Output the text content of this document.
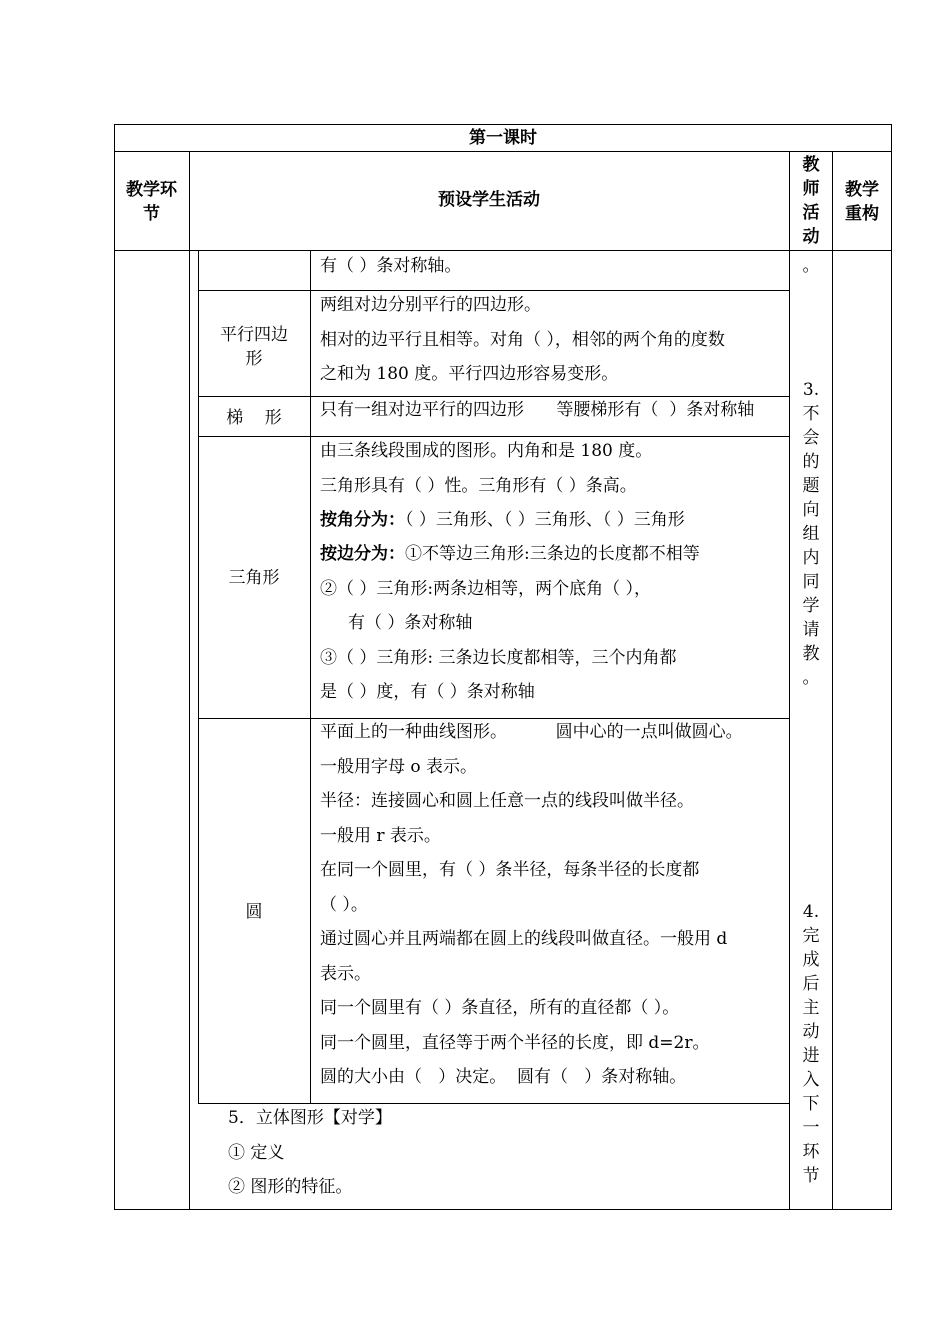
第一课时
教学环
节
预设学生活动
教
师
活
动
教学
重构
有（ ）条对称轴。
平行四边
形
两组对边分别平行的四边形。
相对的边平行且相等。对角（ ），相邻的两个角的度数
之和为 180 度。平行四边形容易变形。
梯    形	只有一组对边平行的四边形      等腰梯形有（  ）条对称轴
三角形
由三条线段围成的图形。内角和是 180 度。
三角形具有（ ）性。三角形有（ ）条高。
按角分为：（ ）三角形、（ ）三角形、（ ）三角形
按边分为：①不等边三角形:三条边的长度都不相等
②（ ）三角形:两条边相等，两个底角（ ），
有（ ）条对称轴
③（ ）三角形: 三条边长度都相等，三个内角都
是（ ）度，有（ ）条对称轴
圆
平面上的一种曲线图形。         圆中心的一点叫做圆心。
一般用字母 o 表示。
半径：连接圆心和圆上任意一点的线段叫做半径。
一般用 r 表示。
在同一个圆里，有（ ）条半径，每条半径的长度都
（ ）。
通过圆心并且两端都在圆上的线段叫做直径。一般用 d
表示。
同一个圆里有（ ）条直径，所有的直径都（ ）。
同一个圆里，直径等于两个半径的长度，即 d=2r。
圆的大小由（   ）决定。  圆有（   ）条对称轴。
5．立体图形【对学】
① 定义
② 图形的特征。
。
3.
不
会
的
题
向
组
内
同
学
请
教
。
4.
完
成
后
主
动
进
入
下
一
环
节
